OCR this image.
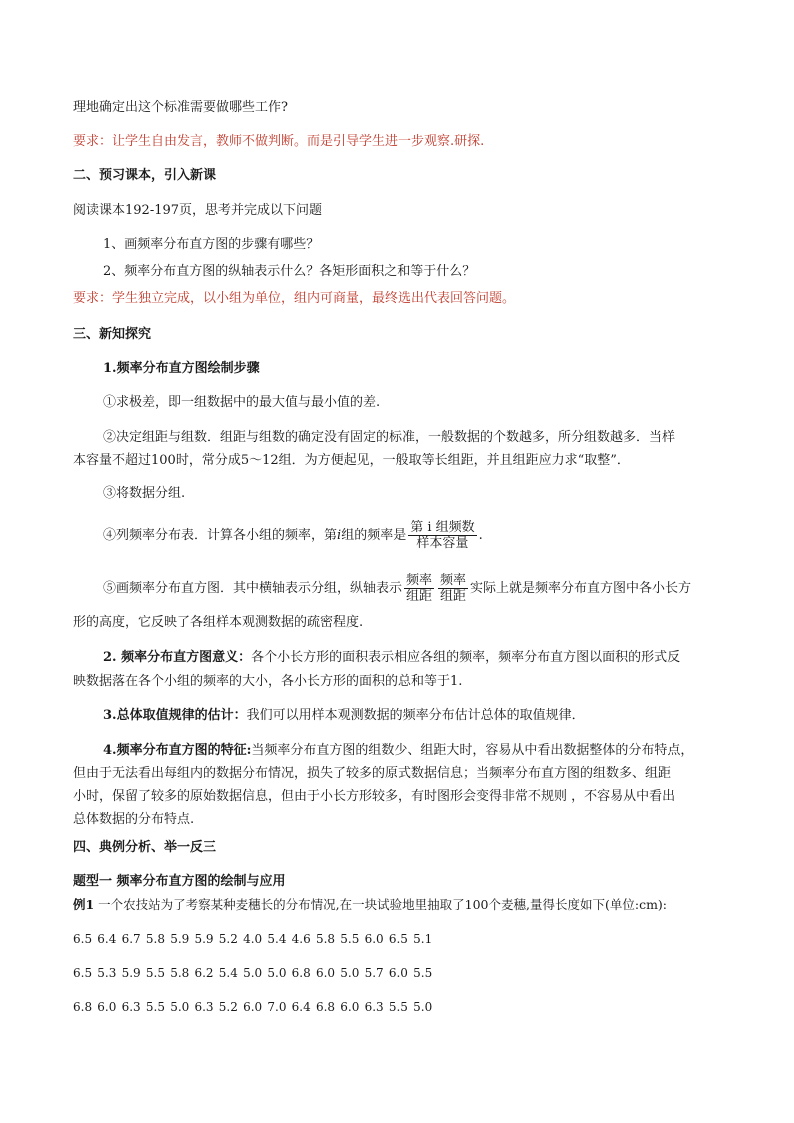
理地确定出这个标准需要做哪些工作?
要求：让学生自由发言，教师不做判断。而是引导学生进一步观察.研探.
二、预习课本，引入新课
阅读课本192-197页，思考并完成以下问题
1、画频率分布直方图的步骤有哪些？
2、频率分布直方图的纵轴表示什么？各矩形面积之和等于什么？
要求：学生独立完成，以小组为单位，组内可商量，最终选出代表回答问题。
三、新知探究
1.频率分布直方图绘制步骤
①求极差，即一组数据中的最大值与最小值的差.
②决定组距与组数．组距与组数的确定没有固定的标准，一般数据的个数越多，所分组数越多．当样
本容量不超过100时，常分成5～12组．为方便起见，一般取等长组距，并且组距应力求“取整”．
③将数据分组.
④列频率分布表．计算各小组的频率，第i组的频率是 $\frac{\text{第 i 组频数}}{\text{样本容量}}$ .
⑤画频率分布直方图．其中横轴表示分组，纵轴表示 $\frac{\text{频率}}{\text{组距}} \frac{\text{频率}}{\text{组距}}$ 实际上就是频率分布直方图中各小长方
形的高度，它反映了各组样本观测数据的疏密程度.
2. 频率分布直方图意义：各个小长方形的面积表示相应各组的频率，频率分布直方图以面积的形式反
映数据落在各个小组的频率的大小，各小长方形的面积的总和等于1.
3.总体取值规律的估计：我们可以用样本观测数据的频率分布估计总体的取值规律．
4.频率分布直方图的特征:当频率分布直方图的组数少、组距大时，容易从中看出数据整体的分布特点，
但由于无法看出每组内的数据分布情况，损失了较多的原式数据信息；当频率分布直方图的组数多、组距
小时，保留了较多的原始数据信息，但由于小长方形较多，有时图形会变得非常不规则 ，不容易从中看出
总体数据的分布特点.
四、典例分析、举一反三
题型一 频率分布直方图的绘制与应用
例1 一个农技站为了考察某种麦穗长的分布情况,在一块试验地里抽取了100个麦穗,量得长度如下(单位:cm):
6.5 6.4 6.7 5.8 5.9 5.9 5.2 4.0 5.4 4.6 5.8 5.5 6.0 6.5 5.1
6.5 5.3 5.9 5.5 5.8 6.2 5.4 5.0 5.0 6.8 6.0 5.0 5.7 6.0 5.5
6.8 6.0 6.3 5.5 5.0 6.3 5.2 6.0 7.0 6.4 6.8 6.0 6.3 5.5 5.0
